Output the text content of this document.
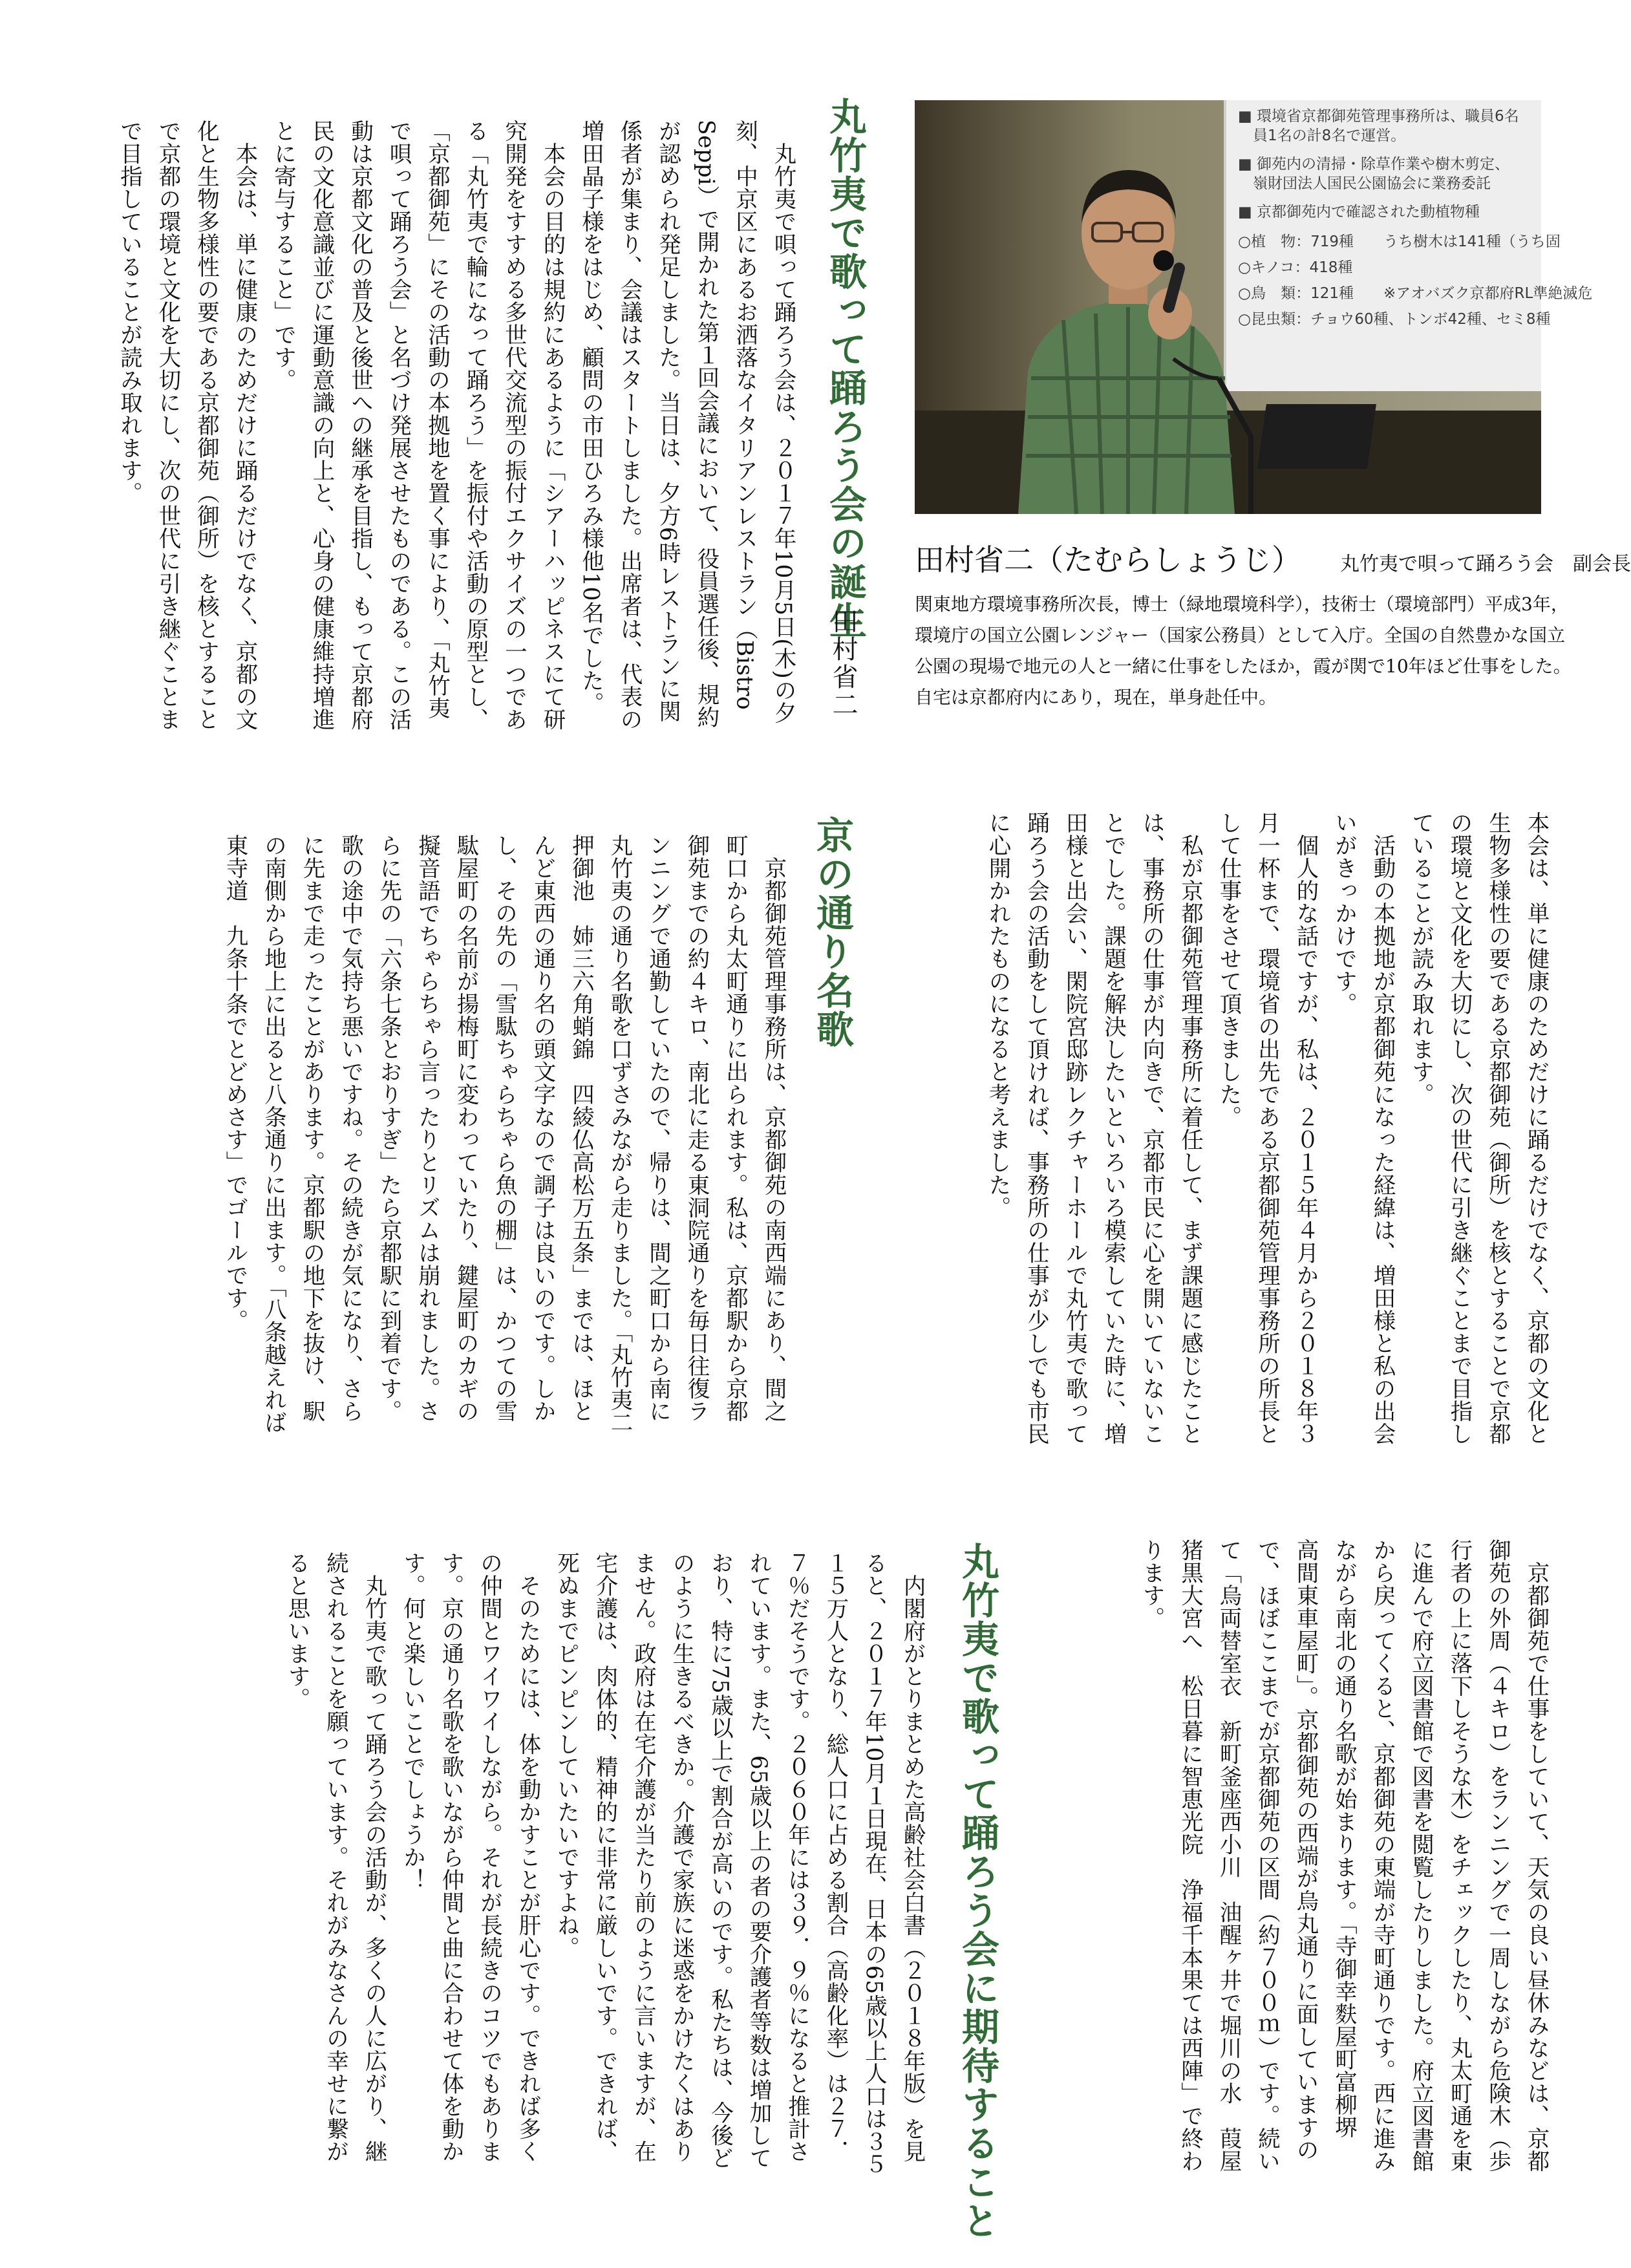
丸竹夷で歌って踊ろう会の誕生
田村省二

丸竹夷で唄って踊ろう会は、２０１７年10月5日(木)の夕刻、中京区にあるお洒落なイタリアンレストラン（Bistro Seppi）で開かれた第１回会議において、役員選任後、規約が認められ発足しました。当日は、夕方6時レストランに関係者が集まり、会議はスタートしました。出席者は、代表の増田晶子様をはじめ、顧問の市田ひろみ様他10名でした。

本会の目的は規約にあるように「シアーハッピネスにて研究開発をすすめる多世代交流型の振付エクサイズの一つである「丸竹夷で輪になって踊ろう」を振付や活動の原型とし、「京都御苑」にその活動の本拠地を置く事により、「丸竹夷で唄って踊ろう会」と名づけ発展させたものである。この活動は京都文化の普及と後世への継承を目指し、もって京都府民の文化意識並びに運動意識の向上と、心身の健康維持増進とに寄与すること」です。

本会は、単に健康のためだけに踊るだけでなく、京都の文化と生物多様性の要である京都御苑（御所）を核とすることで京都の環境と文化を大切にし、次の世代に引き継ぐことまで目指していることが読み取れます。

■ 環境省京都御苑管理事務所は、職員6名
　員1名の計8名で運営。
■ 御苑内の清掃・除草作業や樹木剪定、
　嶺財団法人国民公園協会に業務委託
■ 京都御苑内で確認された動植物種
○植　物：719種　　うち樹木は141種（うち固
○キノコ：418種
○鳥　類：121種　　※アオバズク京都府RL準絶滅危
○昆虫類：チョウ60種、トンボ42種、セミ8種
田村省二（たむらしょうじ） 丸竹夷で唄って踊ろう会　副会長
関東地方環境事務所次長，博士（緑地環境科学），技術士（環境部門）平成3年，
環境庁の国立公園レンジャー（国家公務員）として入庁。全国の自然豊かな国立
公園の現場で地元の人と一緒に仕事をしたほか，霞が関で10年ほど仕事をした。
自宅は京都府内にあり，現在，単身赴任中。

本会は、単に健康のためだけに踊るだけでなく、京都の文化と生物多様性の要である京都御苑（御所）を核とすることで京都の環境と文化を大切にし、次の世代に引き継ぐことまで目指していることが読み取れます。

活動の本拠地が京都御苑になった経緯は、増田様と私の出会いがきっかけです。

個人的な話ですが、私は、２０１５年４月から２０１８年３月一杯まで、環境省の出先である京都御苑管理事務所の所長として仕事をさせて頂きました。

私が京都御苑管理事務所に着任して、まず課題に感じたことは、事務所の仕事が内向きで、京都市民に心を開いていないことでした。課題を解決したいといろいろ模索していた時に、増田様と出会い、閑院宮邸跡レクチャーホールで丸竹夷で歌って踊ろう会の活動をして頂ければ、事務所の仕事が少しでも市民に心開かれたものになると考えました。

京の通り名歌

京都御苑管理事務所は、京都御苑の南西端にあり、間之町口から丸太町通りに出られます。私は、京都駅から京都御苑までの約４キロ、南北に走る東洞院通りを毎日往復ランニングで通勤していたので、帰りは、間之町口から南に丸竹夷の通り名歌を口ずさみながら走りました。「丸竹夷二押御池　姉三六角蛸錦　四綾仏高松万五条」までは、ほとんど東西の通り名の頭文字なので調子は良いのです。しかし、その先の「雪駄ちゃらちゃら魚の棚」は、かつての雪駄屋町の名前が揚梅町に変わっていたり、鍵屋町のカギの擬音語でちゃらちゃら言ったりとリズムは崩れました。さらに先の「六条七条とおりすぎ」たら京都駅に到着です。歌の途中で気持ち悪いですね。その続きが気になり、さらに先まで走ったことがあります。京都駅の地下を抜け、駅の南側から地上に出ると八条通りに出ます。「八条越えれば東寺道　九条十条でとどめさす」でゴールです。

京都御苑で仕事をしていて、天気の良い昼休みなどは、京都御苑の外周（４キロ）をランニングで一周しながら危険木（歩行者の上に落下しそうな木）をチェックしたり、丸太町通を東に進んで府立図書館で図書を閲覧したりしました。府立図書館から戻ってくると、京都御苑の東端が寺町通りです。西に進みながら南北の通り名歌が始まります。「寺御幸麩屋町富柳堺　高間東車屋町」。京都御苑の西端が烏丸通りに面していますので、ほぼここまでが京都御苑の区間（約７００ｍ）です。続いて「烏両替室衣　新町釜座西小川　油醒ヶ井で堀川の水　葭屋猪黒大宮へ　松日暮に智恵光院　浄福千本果ては西陣」で終わります。

丸竹夷で歌って踊ろう会に期待すること

内閣府がとりまとめた高齢社会白書（２０１８年版）を見ると、２０１７年10月１日現在、日本の65歳以上人口は３５１５万人となり、総人口に占める割合（高齢化率）は２７．７％だそうです。２０６０年には３９．９％になると推計されています。また、65歳以上の者の要介護者等数は増加しており、特に75歳以上で割合が高いのです。私たちは、今後どのように生きるべきか。介護で家族に迷惑をかけたくはありません。政府は在宅介護が当たり前のように言いますが、在宅介護は、肉体的、精神的に非常に厳しいです。できれば、死ぬまでピンピンしていたいですよね。

そのためには、体を動かすことが肝心です。できれば多くの仲間とワイワイしながら。それが長続きのコツでもあります。京の通り名歌を歌いながら仲間と曲に合わせて体を動かす。何と楽しいことでしょうか！

丸竹夷で歌って踊ろう会の活動が、多くの人に広がり、継続されることを願っています。それがみなさんの幸せに繋がると思います。
